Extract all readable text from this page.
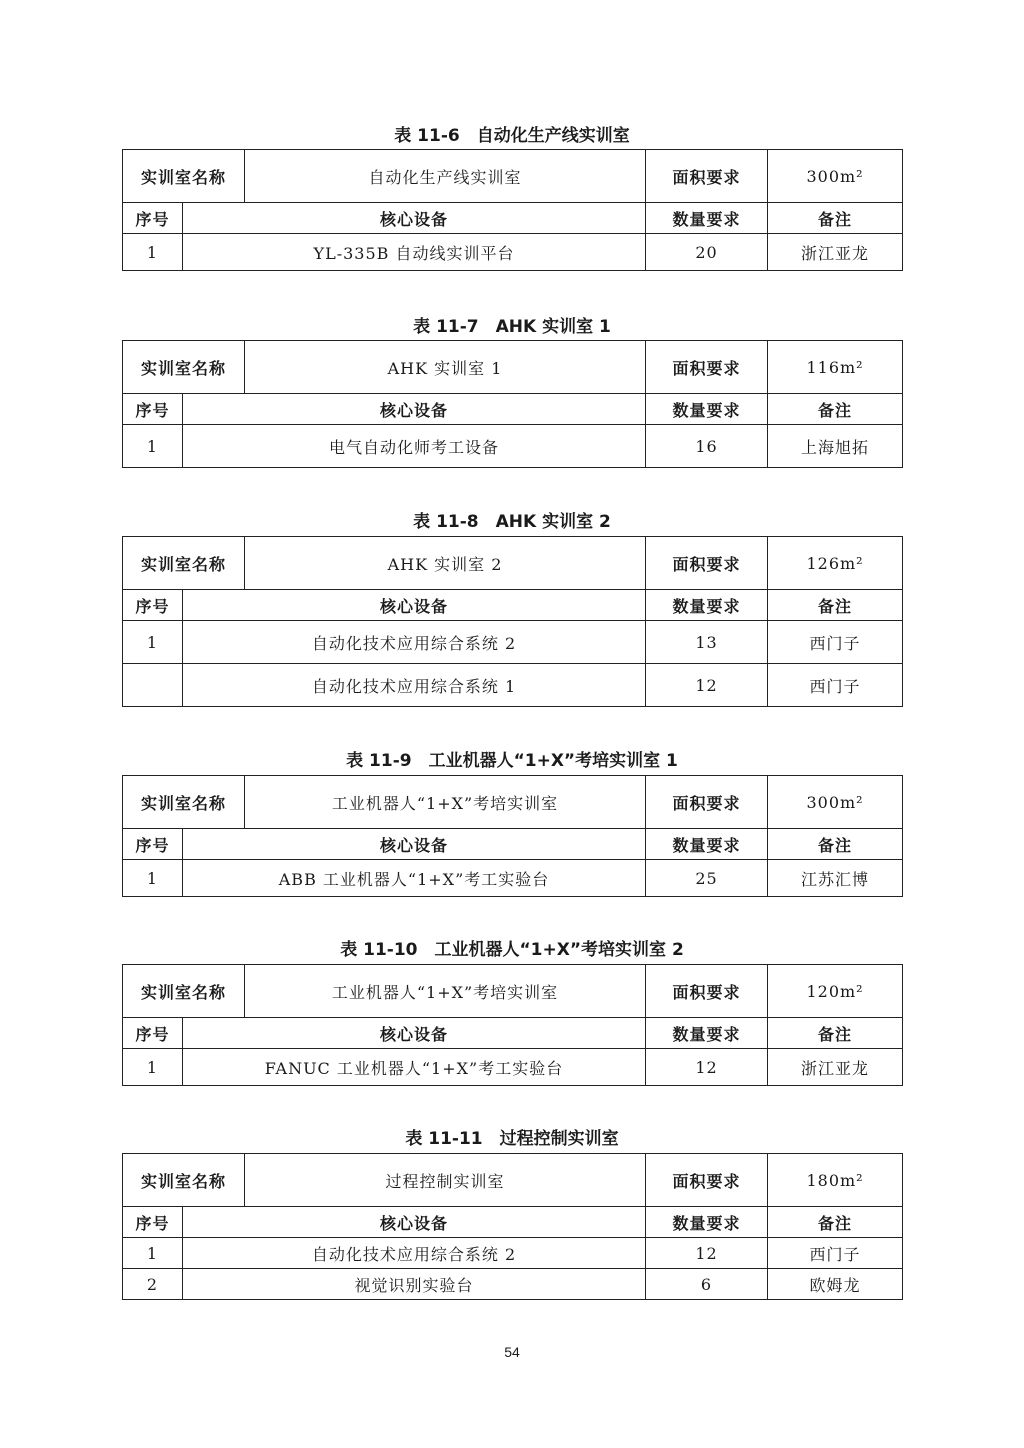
表 11-6　自动化生产线实训室
实训室名称		自动化生产线实训室	面积要求	300m²
序号	核心设备		数量要求	备注
1	YL-335B 自动线实训平台		20	浙江亚龙
表 11-7　AHK 实训室 1
实训室名称		AHK 实训室 1	面积要求	116m²
序号	核心设备		数量要求	备注
1	电气自动化师考工设备		16	上海旭拓
表 11-8　AHK 实训室 2
实训室名称		AHK 实训室 2	面积要求	126m²
序号	核心设备		数量要求	备注
1	自动化技术应用综合系统 2		13	西门子
	自动化技术应用综合系统 1		12	西门子
表 11-9　工业机器人“1+X”考培实训室 1
实训室名称		工业机器人“1+X”考培实训室	面积要求	300m²
序号	核心设备		数量要求	备注
1	ABB 工业机器人“1+X”考工实验台		25	江苏汇博
表 11-10　工业机器人“1+X”考培实训室 2
实训室名称		工业机器人“1+X”考培实训室	面积要求	120m²
序号	核心设备		数量要求	备注
1	FANUC 工业机器人“1+X”考工实验台		12	浙江亚龙
表 11-11　过程控制实训室
实训室名称		过程控制实训室	面积要求	180m²
序号	核心设备		数量要求	备注
1	自动化技术应用综合系统 2		12	西门子
2	视觉识别实验台		6	欧姆龙
54
